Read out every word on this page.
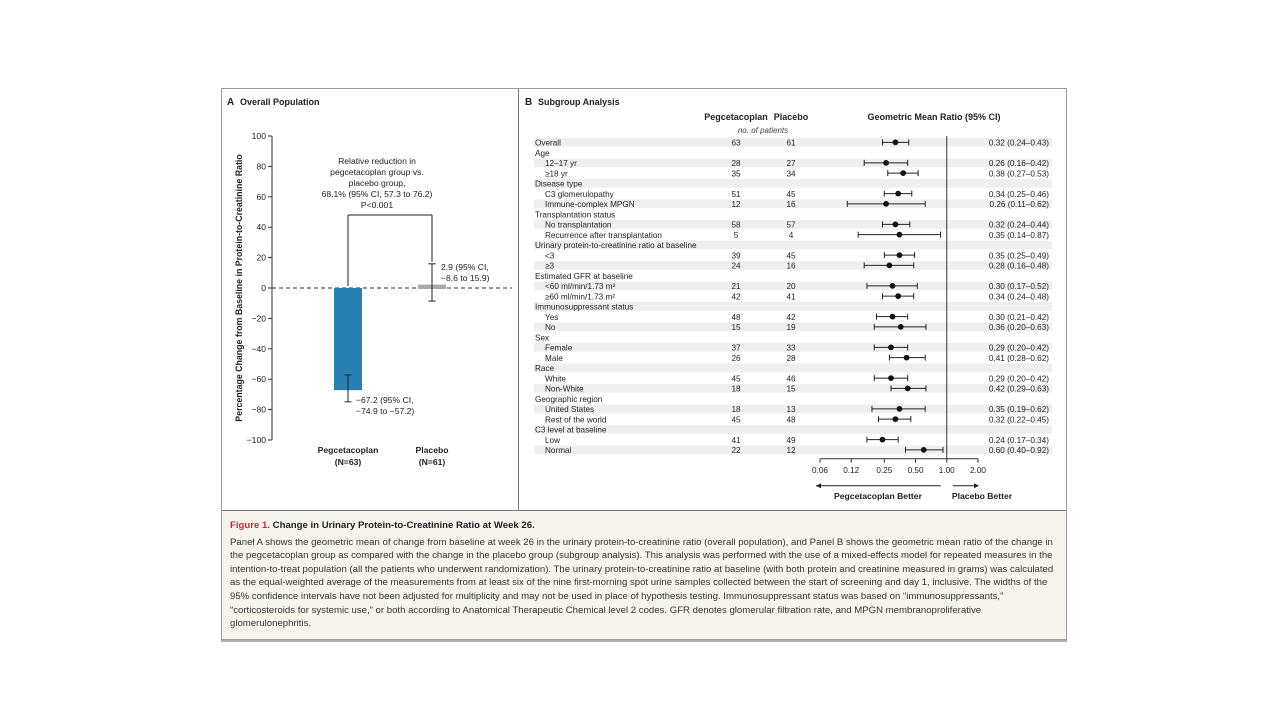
A Overall Population
100
80
60
40
20
0
−20
−40
−60
−80
−100
Percentage Change from Baseline in Protein-to-Creatinine Ratio
Pegcetacoplan
(N=63)
Placebo
(N=61)
−67.2 (95% CI,
−74.9 to −57.2)
2.9 (95% CI,
−8.6 to 15.9)
Relative reduction in
pegcetacoplan group vs.
placebo group,
68.1% (95% CI, 57.3 to 76.2)
P<0.001
B Subgroup Analysis
Pegcetacoplan Placebo
no. of patients
Geometric Mean Ratio (95% CI)
Overall	63	61	0.32 (0.24–0.43)
Age
12–17 yr	28	27	0.26 (0.16–0.42)
≥18 yr	35	34	0.38 (0.27–0.53)
Disease type
C3 glomerulopathy	51	45	0.34 (0.25–0.46)
Immune-complex MPGN	12	16	0.26 (0.11–0.62)
Transplantation status
No transplantation	58	57	0.32 (0.24–0.44)
Recurrence after transplantation	5	4	0.35 (0.14–0.87)
Urinary protein-to-creatinine ratio at baseline
<3	39	45	0.35 (0.25–0.49)
≥3	24	16	0.28 (0.16–0.48)
Estimated GFR at baseline
<60 ml/min/1.73 m²	21	20	0.30 (0.17–0.52)
≥60 ml/min/1.73 m²	42	41	0.34 (0.24–0.48)
Immunosuppressant status
Yes	48	42	0.30 (0.21–0.42)
No	15	19	0.36 (0.20–0.63)
Sex
Female	37	33	0.29 (0.20–0.42)
Male	26	28	0.41 (0.28–0.62)
Race
White	45	46	0.29 (0.20–0.42)
Non-White	18	15	0.42 (0.29–0.63)
Geographic region
United States	18	13	0.35 (0.19–0.62)
Rest of the world	45	48	0.32 (0.22–0.45)
C3 level at baseline
Low	41	49	0.24 (0.17–0.34)
Normal	22	12	0.60 (0.40–0.92)
0.06 0.12 0.25 0.50 1.00 2.00
Pegcetacoplan Better	Placebo Better
Figure 1. Change in Urinary Protein-to-Creatinine Ratio at Week 26.

Panel A shows the geometric mean of change from baseline at week 26 in the urinary protein-to-creatinine ratio (overall population), and Panel B shows the geometric mean ratio of the change in the pegcetacoplan group as compared with the change in the placebo group (subgroup analysis). This analysis was performed with the use of a mixed-effects model for repeated measures in the intention-to-treat population (all the patients who underwent randomization). The urinary protein-to-creatinine ratio at baseline (with both protein and creatinine measured in grams) was calculated as the equal-weighted average of the measurements from at least six of the nine first-morning spot urine samples collected between the start of screening and day 1, inclusive. The widths of the 95% confidence intervals have not been adjusted for multiplicity and may not be used in place of hypothesis testing. Immunosuppressant status was based on “immunosuppressants,” “corticosteroids for systemic use,” or both according to Anatomical Therapeutic Chemical level 2 codes. GFR denotes glomerular filtration rate, and MPGN membranoproliferative glomerulonephritis.
